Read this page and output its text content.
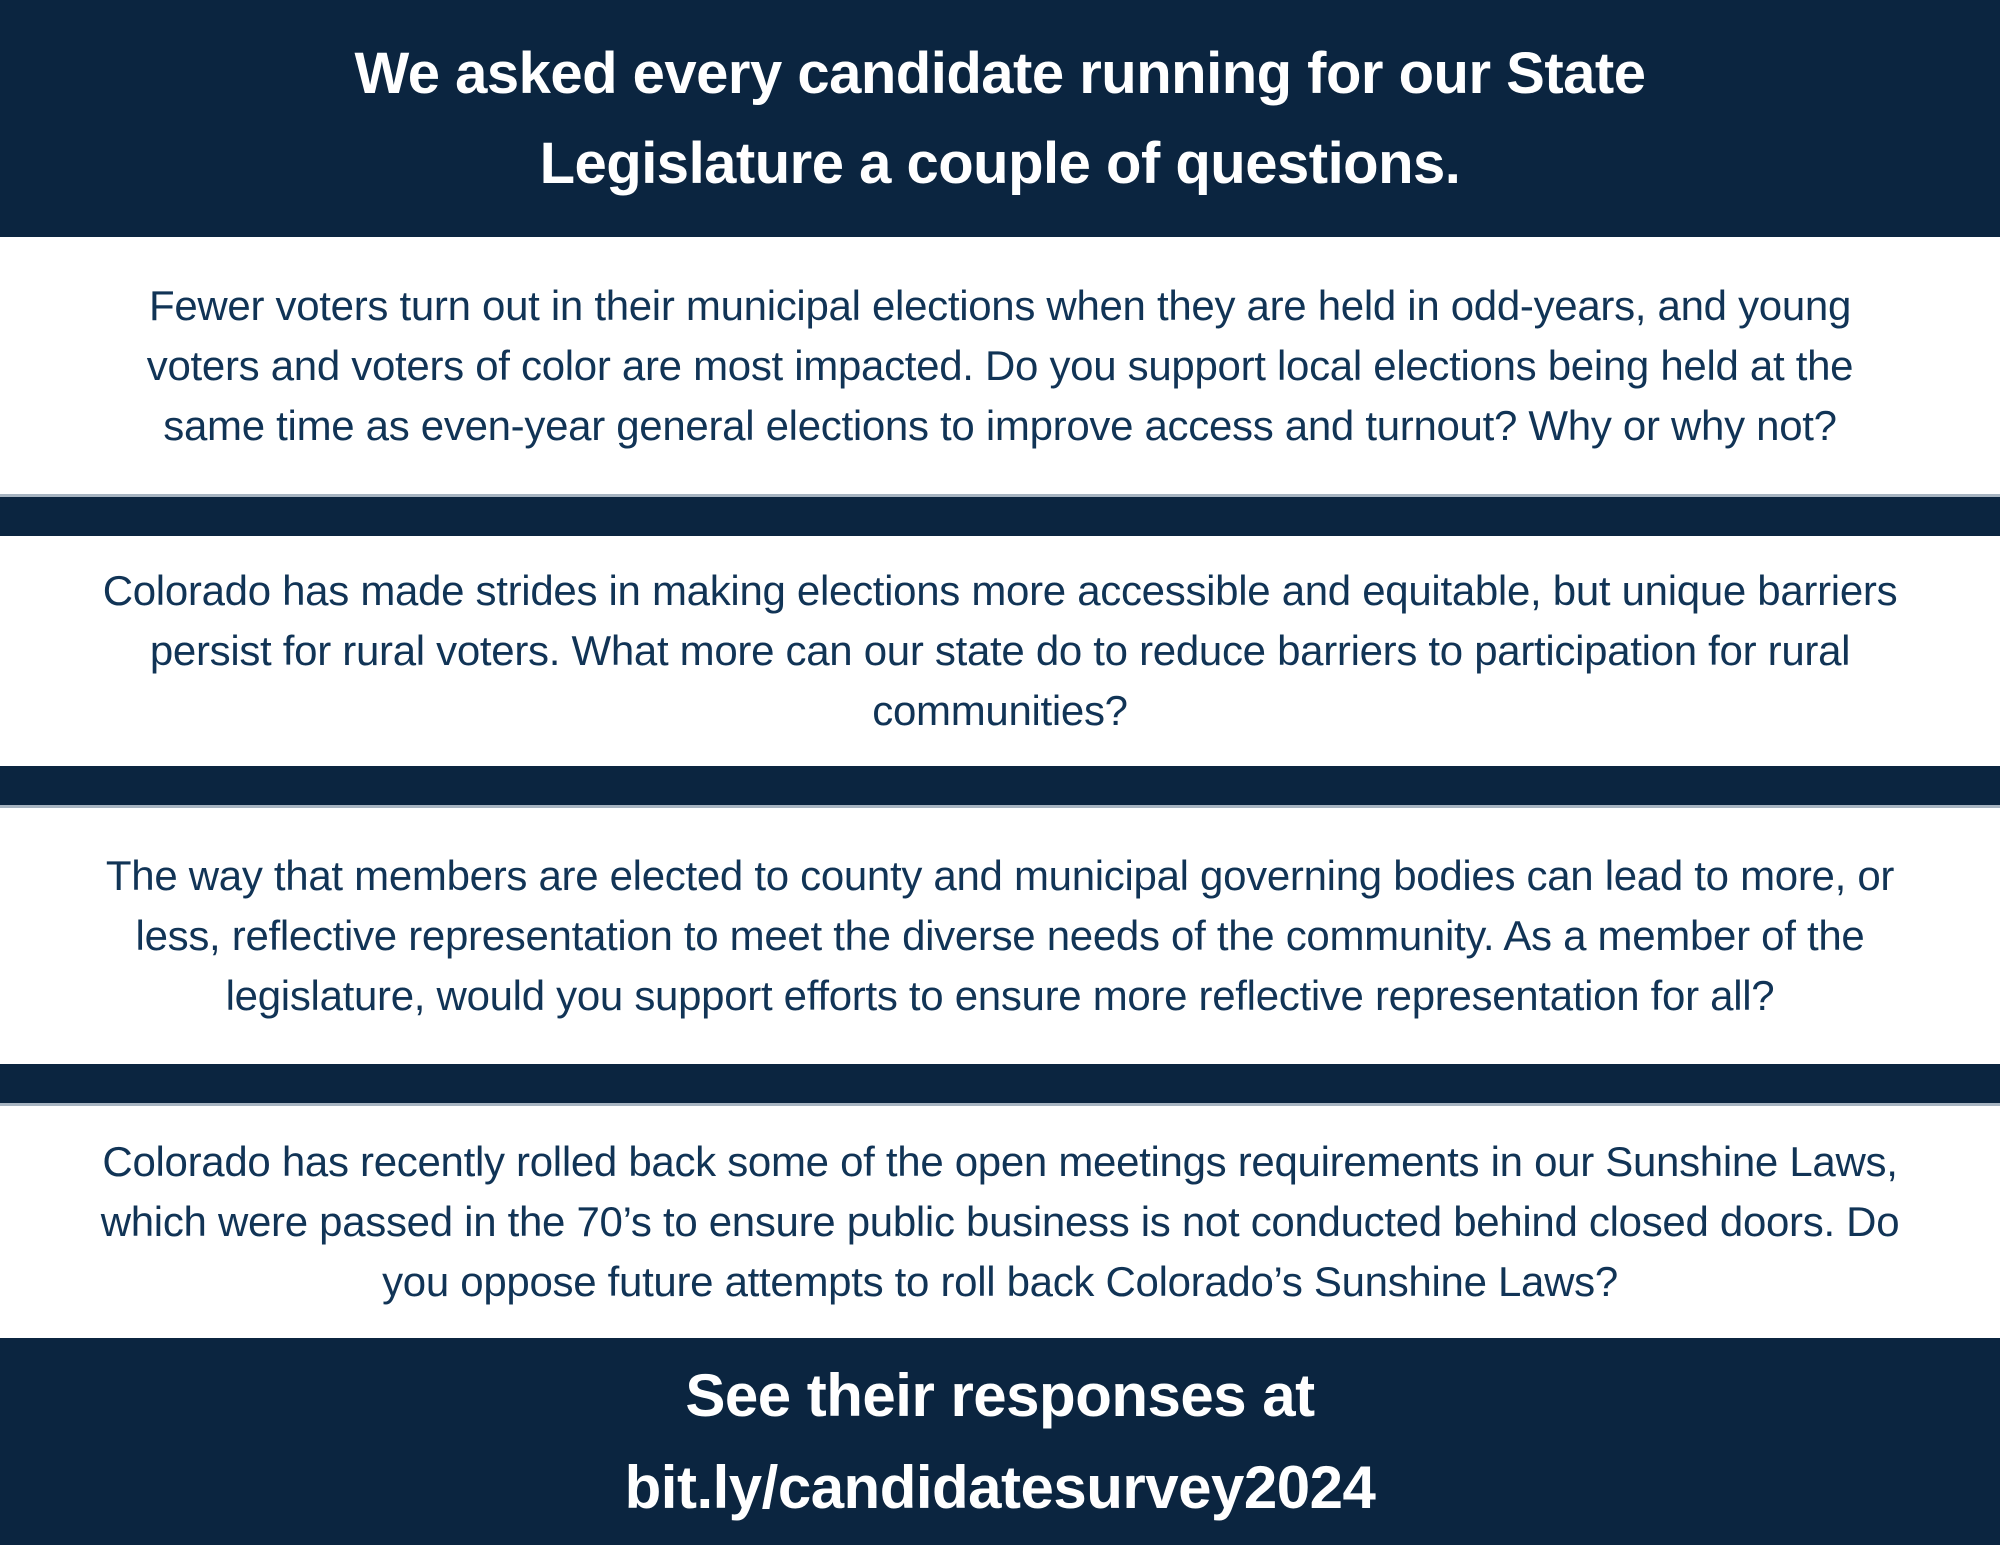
We asked every candidate running for our State Legislature a couple of questions.
Fewer voters turn out in their municipal elections when they are held in odd-years, and young voters and voters of color are most impacted. Do you support local elections being held at the same time as even-year general elections to improve access and turnout? Why or why not?
Colorado has made strides in making elections more accessible and equitable, but unique barriers persist for rural voters. What more can our state do to reduce barriers to participation for rural communities?
The way that members are elected to county and municipal governing bodies can lead to more, or less, reflective representation to meet the diverse needs of the community. As a member of the legislature, would you support efforts to ensure more reflective representation for all?
Colorado has recently rolled back some of the open meetings requirements in our Sunshine Laws, which were passed in the 70’s to ensure public business is not conducted behind closed doors. Do you oppose future attempts to roll back Colorado’s Sunshine Laws?
See their responses at
bit.ly/candidatesurvey2024
